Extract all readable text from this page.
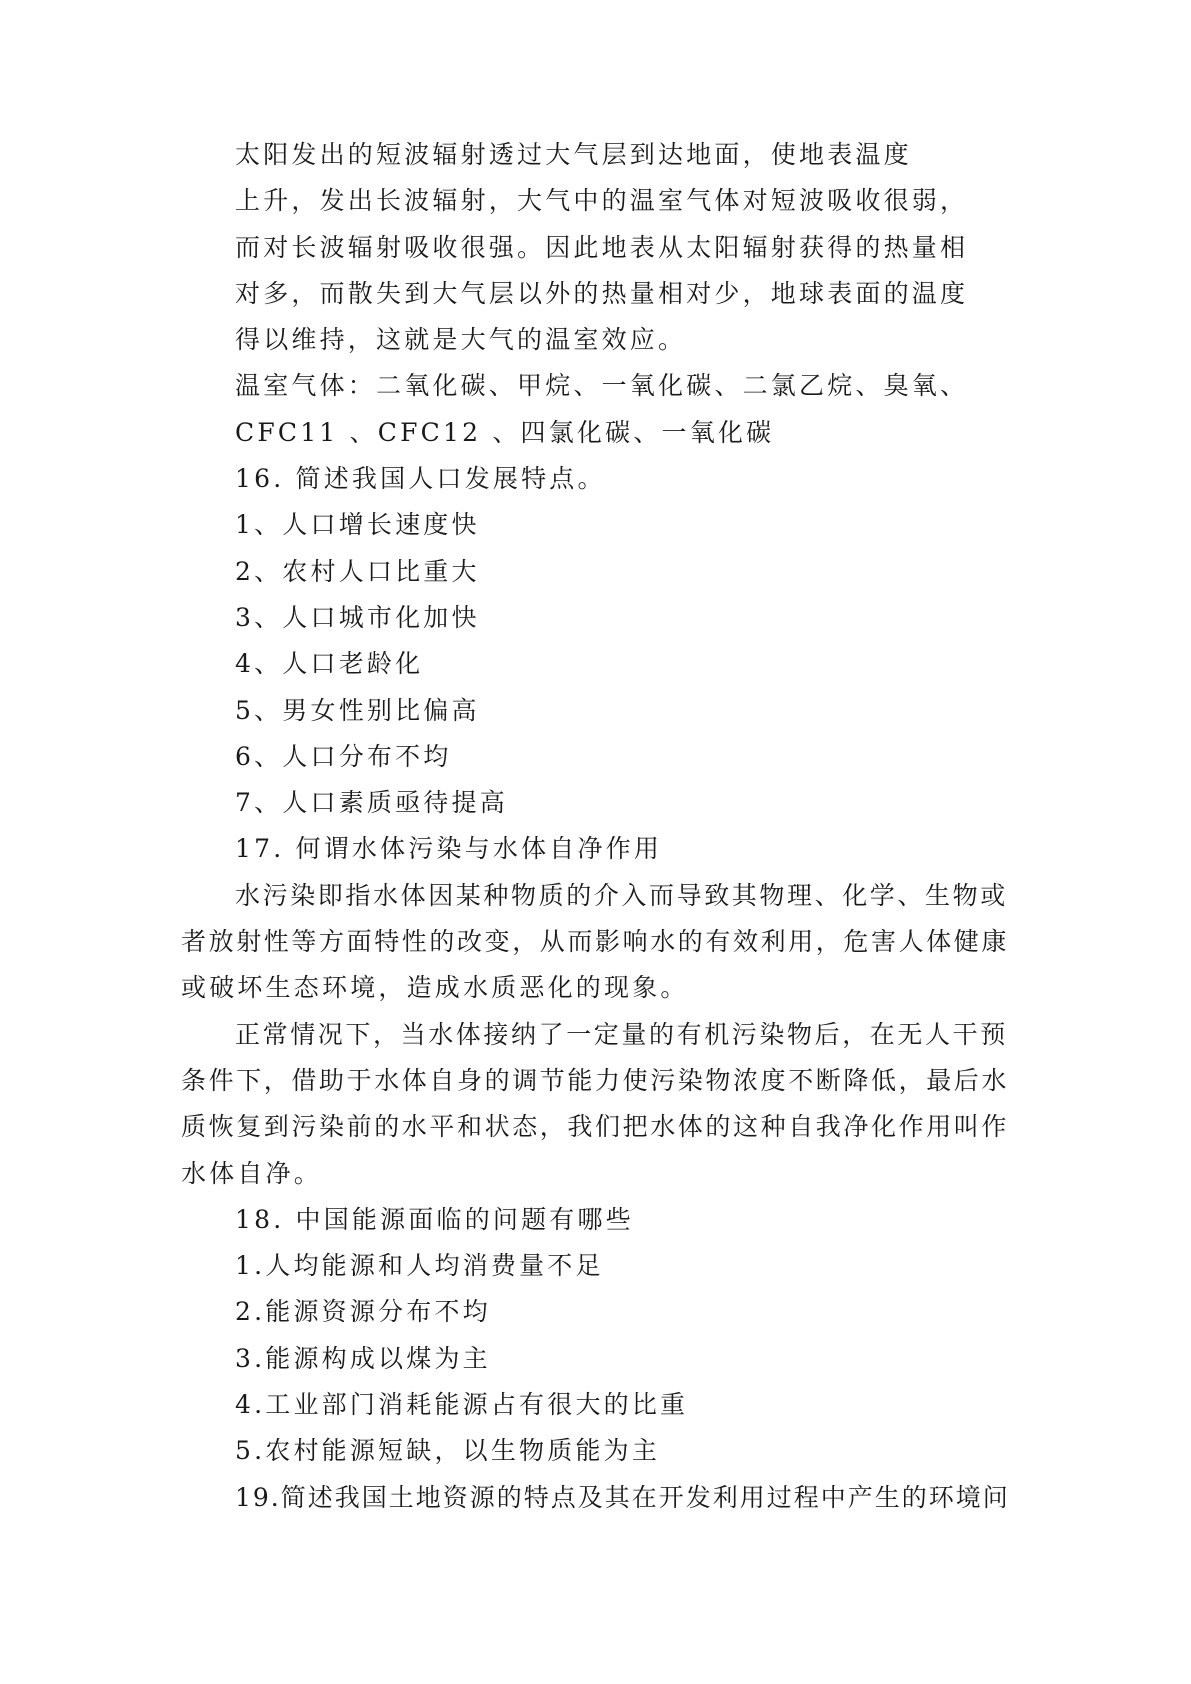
太阳发出的短波辐射透过大气层到达地面，使地表温度
上升，发出长波辐射，大气中的温室气体对短波吸收很弱，
而对长波辐射吸收很强。因此地表从太阳辐射获得的热量相
对多，而散失到大气层以外的热量相对少，地球表面的温度
得以维持，这就是大气的温室效应。
温室气体：二氧化碳、甲烷、一氧化碳、二氯乙烷、臭氧、
CFC11 、CFC12 、四氯化碳、一氧化碳
16. 简述我国人口发展特点。
1、人口增长速度快
2、农村人口比重大
3、人口城市化加快
4、人口老龄化
5、男女性别比偏高
6、人口分布不均
7、人口素质亟待提高
17. 何谓水体污染与水体自净作用
水污染即指水体因某种物质的介入而导致其物理、化学、生物或
者放射性等方面特性的改变，从而影响水的有效利用，危害人体健康
或破坏生态环境，造成水质恶化的现象。
正常情况下，当水体接纳了一定量的有机污染物后，在无人干预
条件下，借助于水体自身的调节能力使污染物浓度不断降低，最后水
质恢复到污染前的水平和状态，我们把水体的这种自我净化作用叫作
水体自净。
18. 中国能源面临的问题有哪些
1.人均能源和人均消费量不足
2.能源资源分布不均
3.能源构成以煤为主
4.工业部门消耗能源占有很大的比重
5.农村能源短缺，以生物质能为主
19.简述我国土地资源的特点及其在开发利用过程中产生的环境问
